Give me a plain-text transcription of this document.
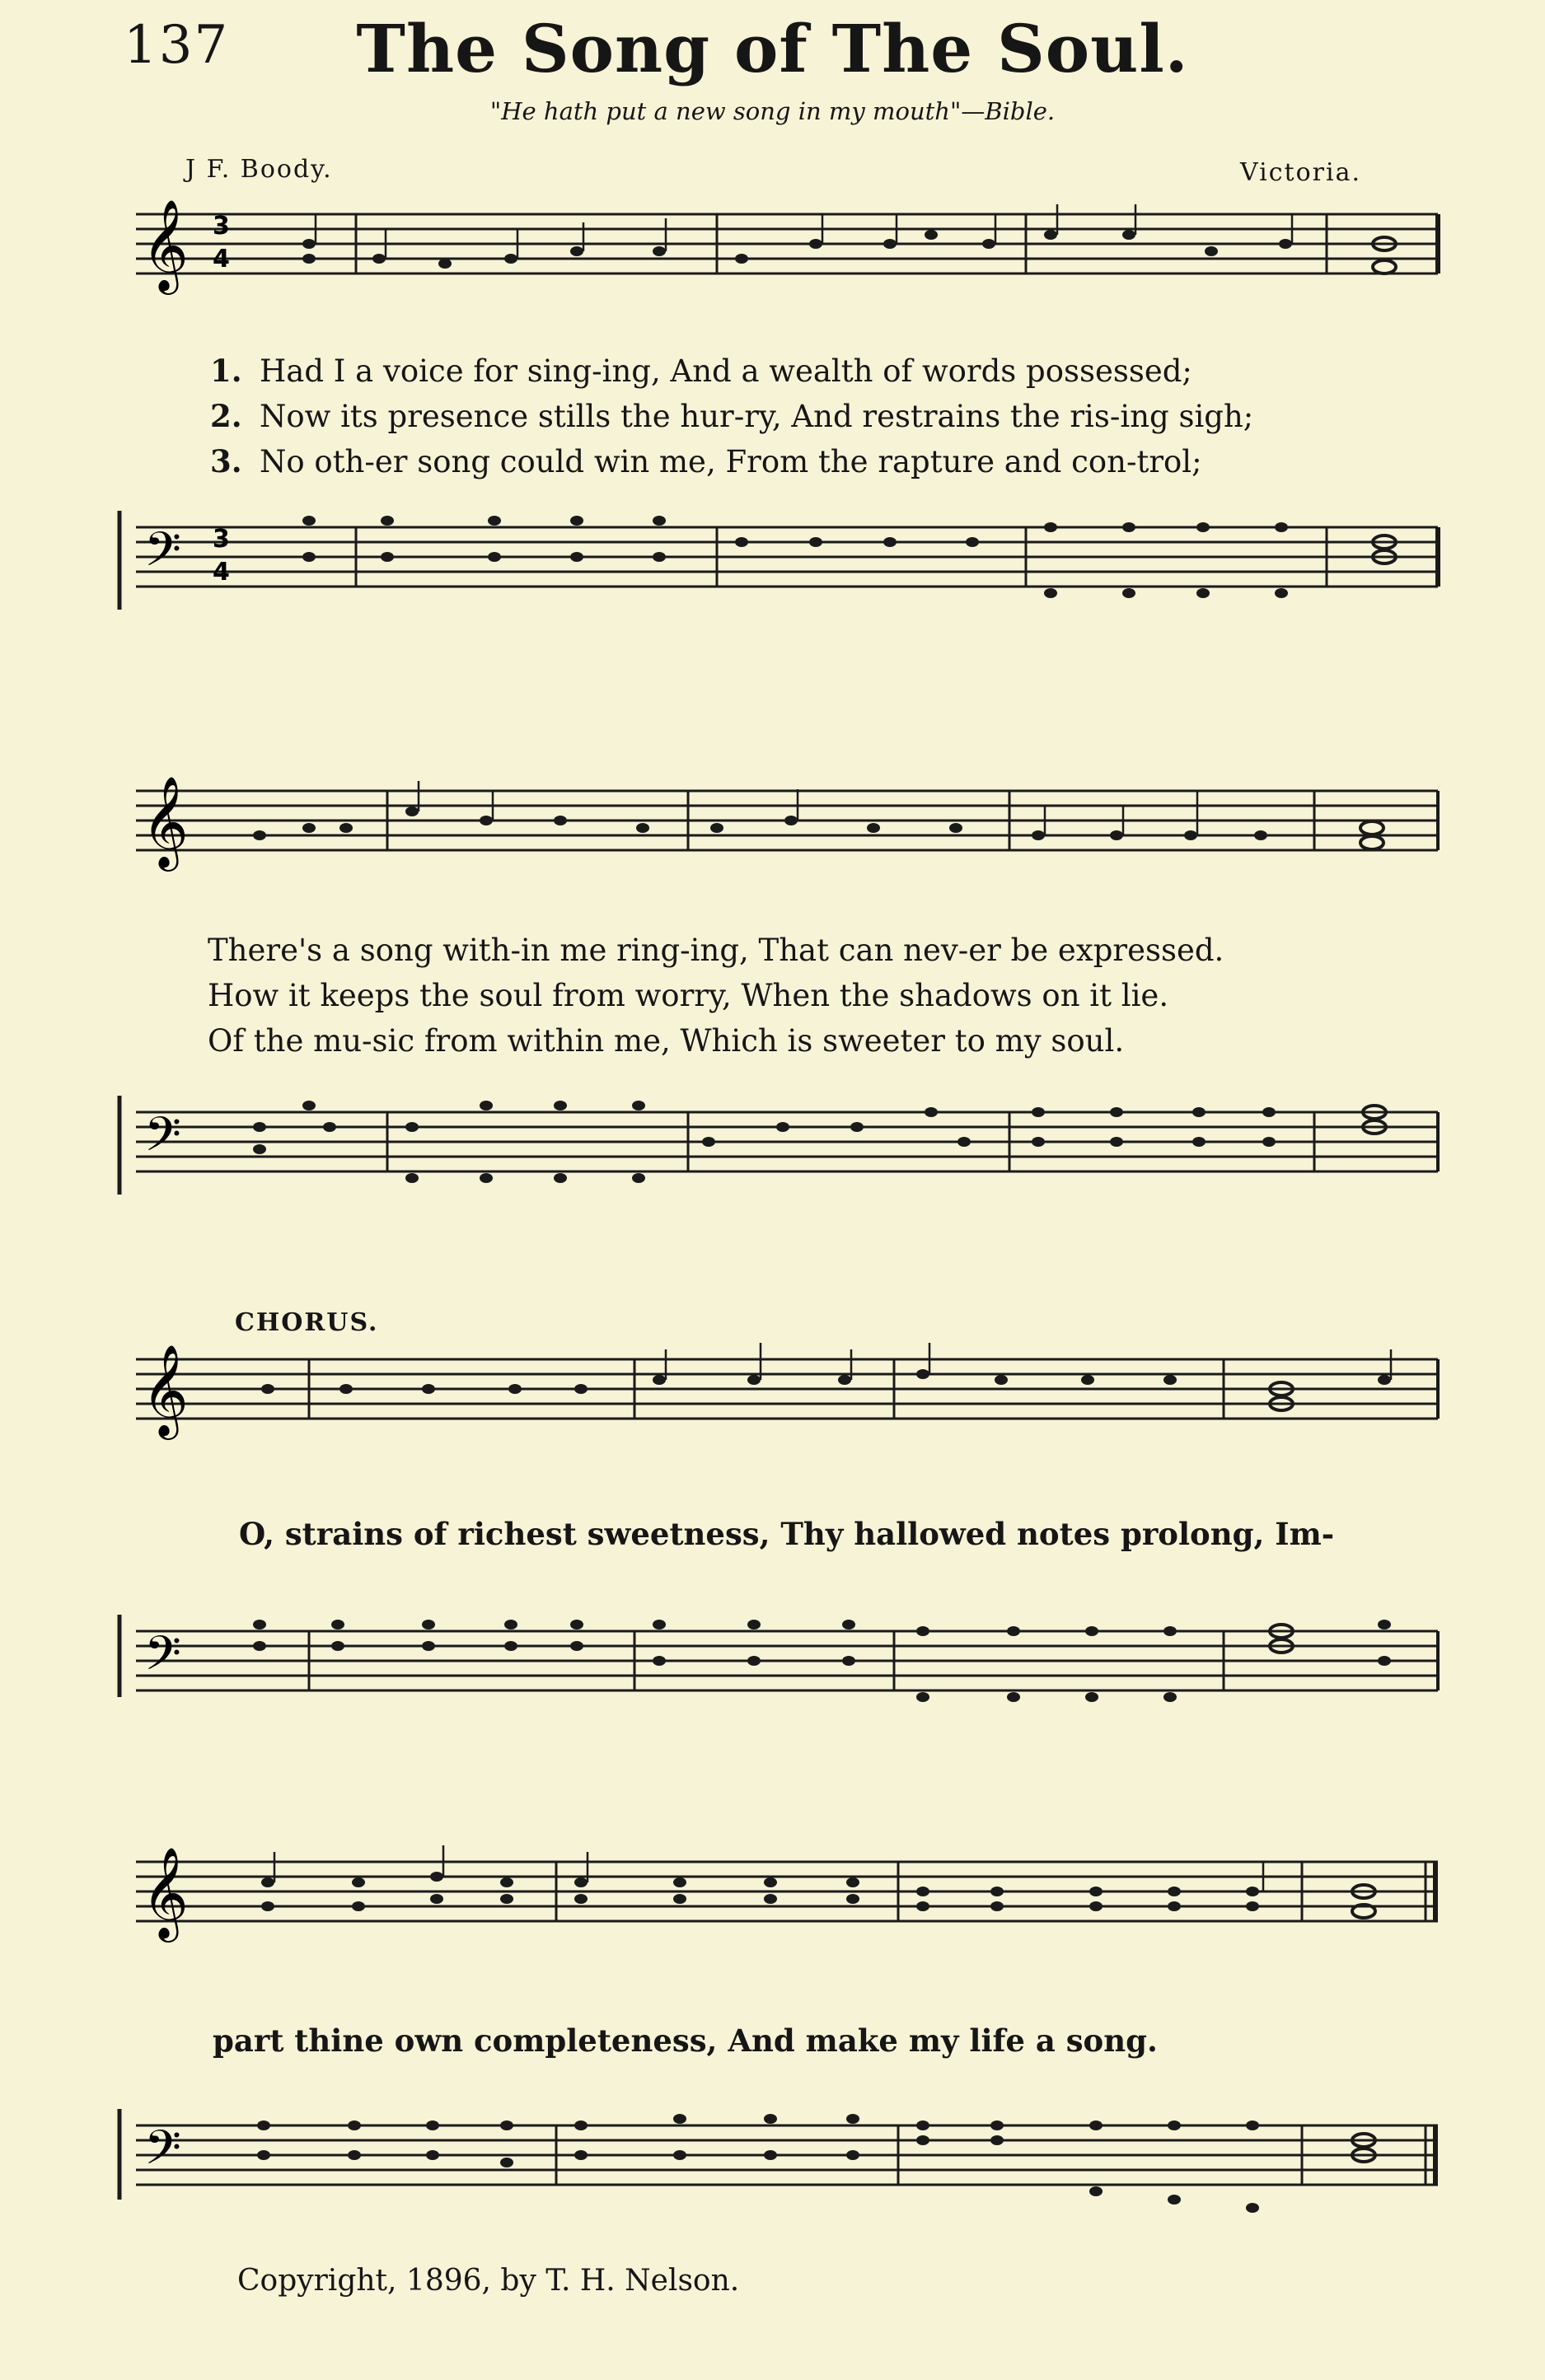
137	The Song of The Soul.
"He hath put a new song in my mouth"—Bible.
J F. Boody.	Victoria.
𝄞 3
4
1. Had I a voice for sing-ing, And a wealth of words possessed;
2. Now its presence stills the hur-ry, And restrains the ris-ing sigh;
3. No oth-er song could win me, From the rapture and con-trol;
𝄢 3
4
𝄞
There's a song with-in me ring-ing, That can nev-er be expressed.
How it keeps the soul from worry, When the shadows on it lie.
Of the mu-sic from within me, Which is sweeter to my soul.
𝄢
CHORUS.
𝄞
O, strains of richest sweetness, Thy hallowed notes prolong, Im-
𝄢
𝄞
part thine own completeness, And make my life a song.
𝄢
Copyright, 1896, by T. H. Nelson.
